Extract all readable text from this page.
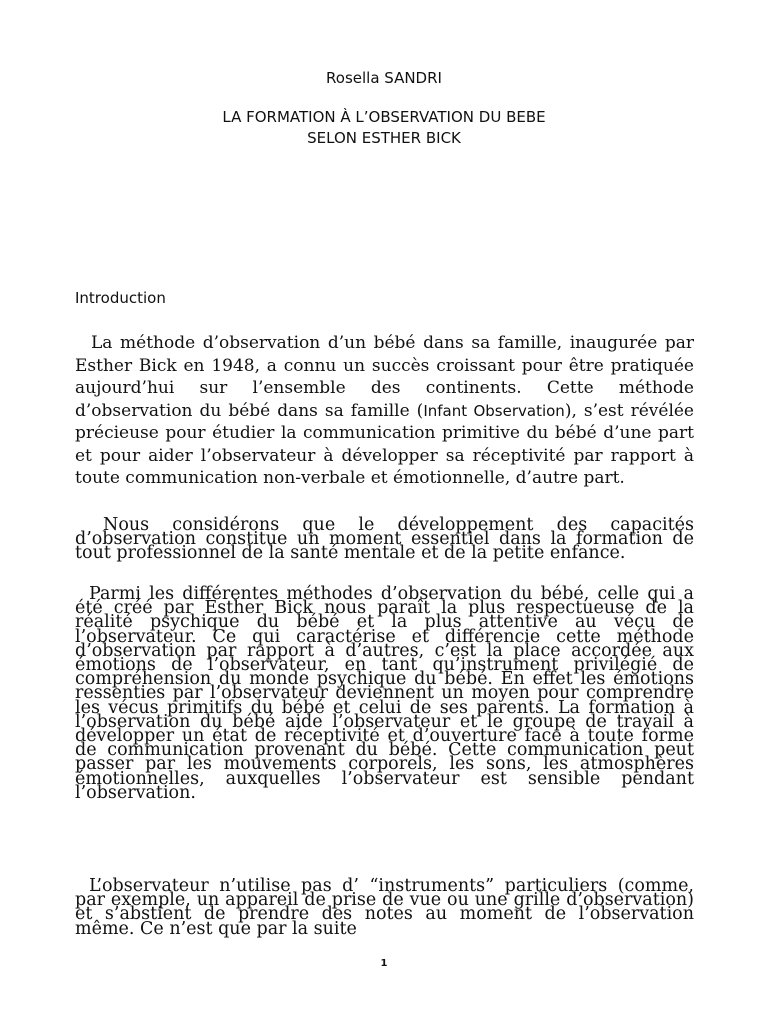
Rosella SANDRI
LA FORMATION À L’OBSERVATION DU BEBE
SELON ESTHER BICK
Introduction

La méthode d’observation d’un bébé dans sa famille, inaugurée par Esther Bick en 1948, a connu un succès croissant pour être pratiquée aujourd’hui sur l’ensemble des continents. Cette méthode d’observation du bébé dans sa famille (Infant Observation), s’est révélée précieuse pour étudier la communication primitive du bébé d’une part et pour aider l’observateur à développer sa réceptivité par rapport à toute communication non-verbale et émotionnelle, d’autre part.

Nous considérons que le développement des capacités d’observation constitue un moment essentiel dans la formation de tout professionnel de la santé mentale et de la petite enfance.

Parmi les différentes méthodes d’observation du bébé, celle qui a été créé par Esther Bick nous paraît la plus respectueuse de la réalité psychique du bébé et la plus attentive au vécu de l’observateur. Ce qui caractérise et différencie cette méthode d’observation par rapport à d’autres, c’est la place accordée aux émotions de l’observateur, en tant qu’instrument privilégié de compréhension du monde psychique du bébé. En effet les émotions ressenties par l’observateur deviennent un moyen pour comprendre les vécus primitifs du bébé et celui de ses parents. La formation à l’observation du bébé aide l’observateur et le groupe de travail à développer un état de réceptivité et d’ouverture face à toute forme de communication provenant du bébé. Cette communication peut passer par les mouvements corporels, les sons, les atmosphères émotionnelles, auxquelles l’observateur est sensible pendant l’observation.

L’observateur n’utilise pas d’ “instruments” particuliers (comme, par exemple, un appareil de prise de vue ou une grille d’observation) et s’abstient de prendre des notes au moment de l’observation même. Ce n’est que par la suite

1
